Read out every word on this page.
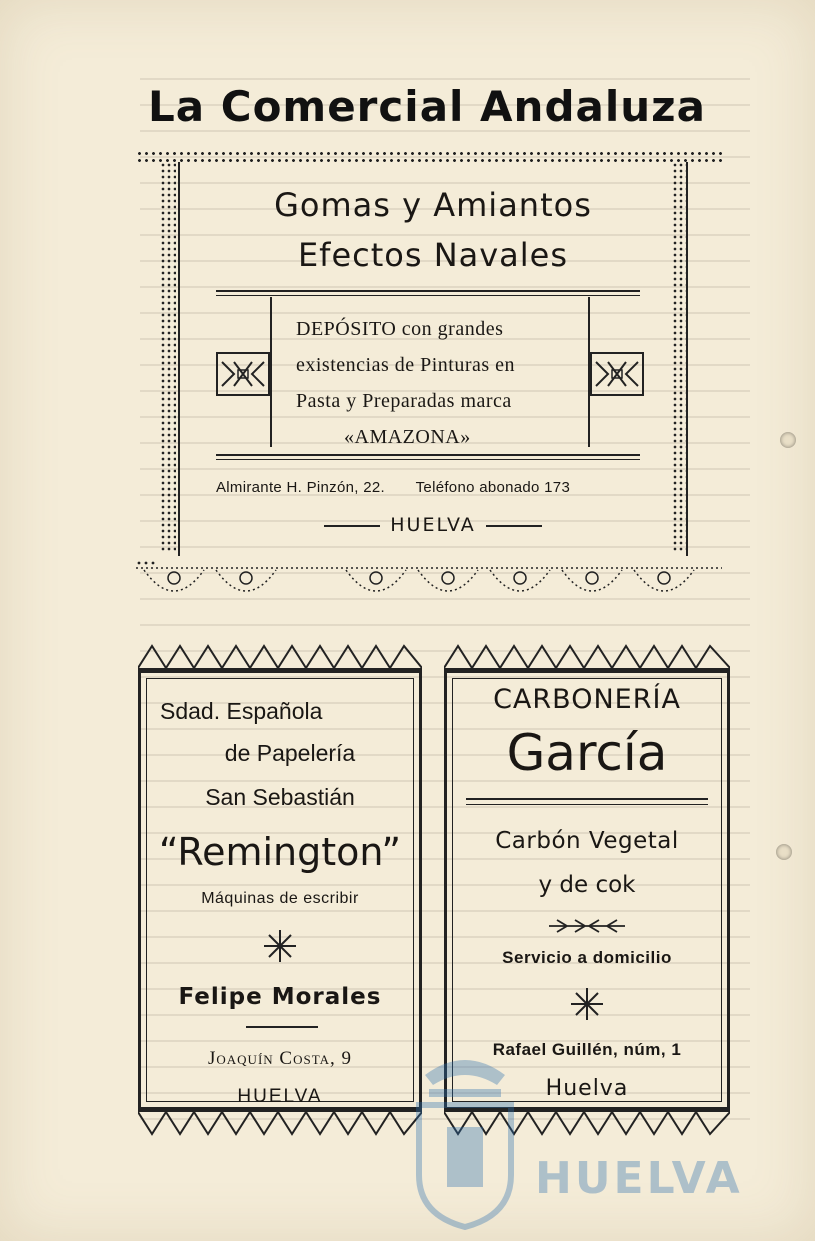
La Comercial Andaluza
Gomas y Amiantos
Efectos Navales
DEPÓSITO con grandes
existencias de Pinturas en
Pasta y Preparadas marca
«AMAZONA»
Almirante H. Pinzón, 22. Teléfono abonado 173
HUELVA
Sdad. Española
de Papelería
San Sebastián
“Remington”
Máquinas de escribir
Felipe Morales
Joaquín Costa, 9
HUELVA
CARBONERÍA
García
Carbón Vegetal
y de cok
Servicio a domicilio
Rafael Guillén, núm, 1
Huelva
HUELVA
